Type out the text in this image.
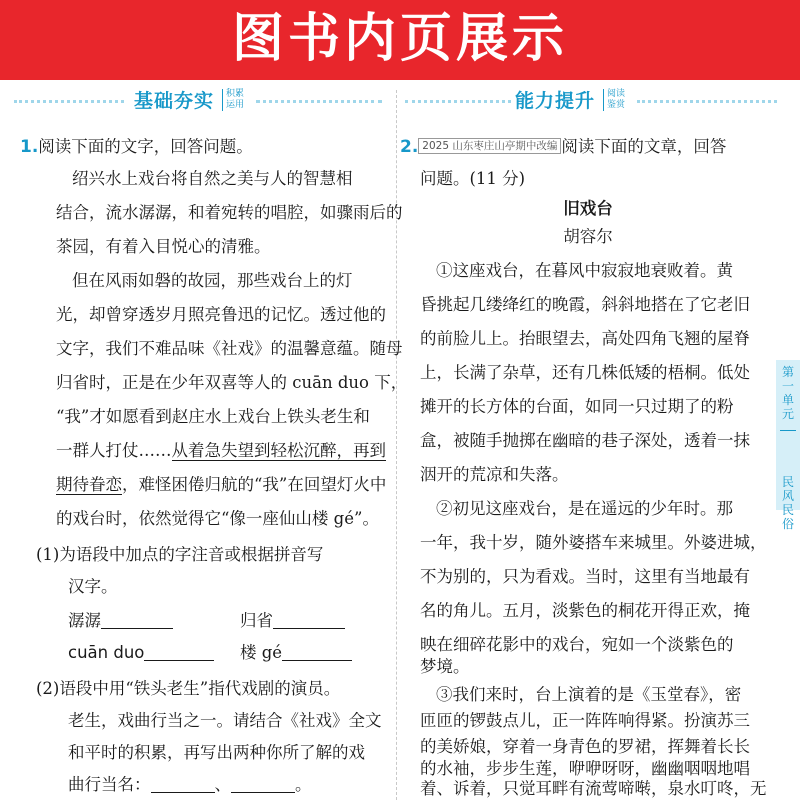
图书内页展示
基础夯实 积累
运用	能力提升 阅读
鉴赏
1.阅读下面的文字，回答问题。
绍兴水上戏台将自然之美与人的智慧相
结合，流水潺潺，和着宛转的唱腔，如骤雨后的
茶园，有着入目悦心的清雅。
但在风雨如磐的故园，那些戏台上的灯
光，却曾穿透岁月照亮鲁迅的记忆。透过他的
文字，我们不难品味《社戏》的温馨意蕴。随母
归省时，正是在少年双喜等人的 cuān duo 下，
“我”才如愿看到赵庄水上戏台上铁头老生和
一群人打仗……从着急失望到轻松沉醉，再到
期待眷恋，难怪困倦归航的“我”在回望灯火中
的戏台时，依然觉得它“像一座仙山楼 gé”。
(1)为语段中加点的字注音或根据拼音写
汉字。
潺潺	归省
cuān duo	楼 gé
(2)语段中用“铁头老生”指代戏剧的演员。
老生，戏曲行当之一。请结合《社戏》全文
和平时的积累，再写出两种你所了解的戏
曲行当名：	、	。
2. 2025 山东枣庄山亭期中改编 阅读下面的文章，回答
问题。(11 分)
旧戏台
胡容尔
①这座戏台，在暮风中寂寂地衰败着。黄
昏挑起几缕绛红的晚霞，斜斜地搭在了它老旧
的前脸儿上。抬眼望去，高处四角飞翘的屋脊
上，长满了杂草，还有几株低矮的梧桐。低处
摊开的长方体的台面，如同一只过期了的粉
盒，被随手抛掷在幽暗的巷子深处，透着一抹
洇开的荒凉和失落。
②初见这座戏台，是在遥远的少年时。那
一年，我十岁，随外婆搭车来城里。外婆进城，
不为别的，只为看戏。当时，这里有当地最有
名的角儿。五月，淡紫色的桐花开得正欢，掩
映在细碎花影中的戏台，宛如一个淡紫色的
梦境。
③我们来时，台上演着的是《玉堂春》，密
匝匝的锣鼓点儿，正一阵阵响得紧。扮演苏三
的美娇娘，穿着一身青色的罗裙，挥舞着长长
的水袖，步步生莲，咿咿呀呀，幽幽咽咽地唱
着、诉着，只觉耳畔有流莺啼啭，泉水叮咚，无
第一单元
民风民俗
